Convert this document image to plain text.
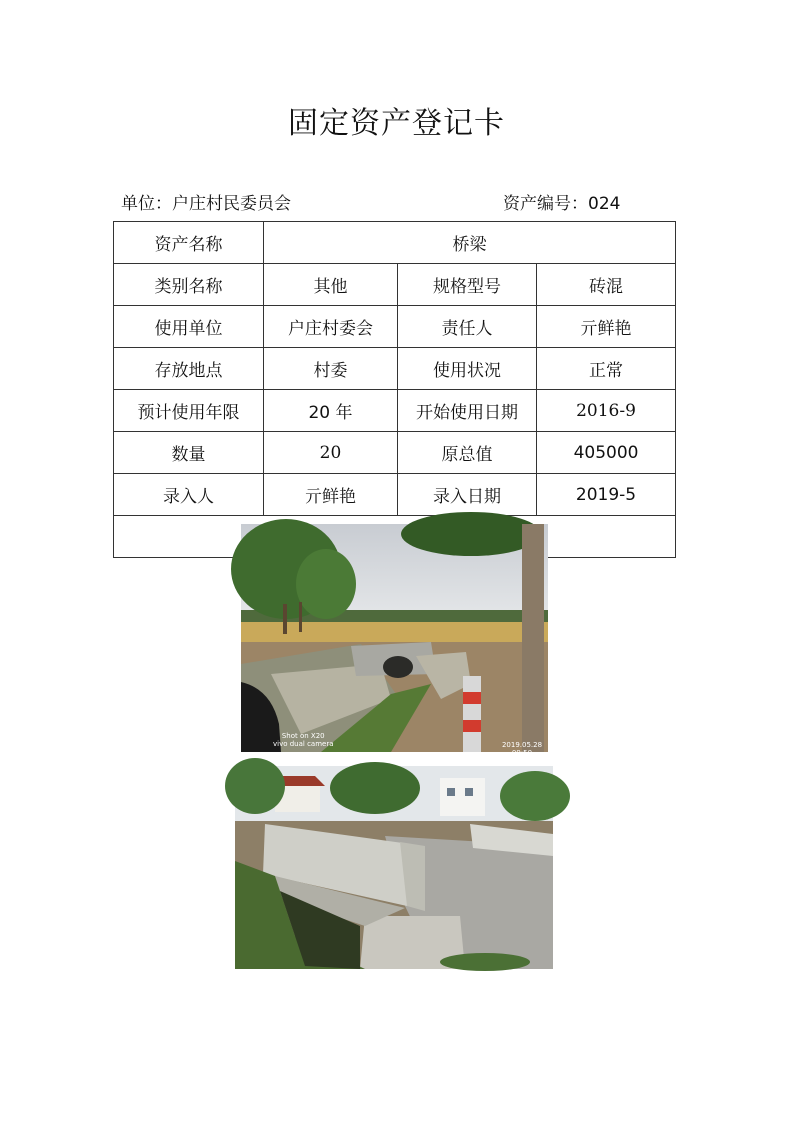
固定资产登记卡
单位：户庄村民委员会	资产编号：024
资产名称	桥梁		
类别名称	其他	规格型号	砖混
使用单位	户庄村委会	责任人	亓鲜艳
存放地点	村委	使用状况	正常
预计使用年限	20 年	开始使用日期	2016-9
数量	20	原总值	405000
录入人	亓鲜艳	录入日期	2019-5

Shot on X20
vivo dual camera 2019.05.28 09:50			
